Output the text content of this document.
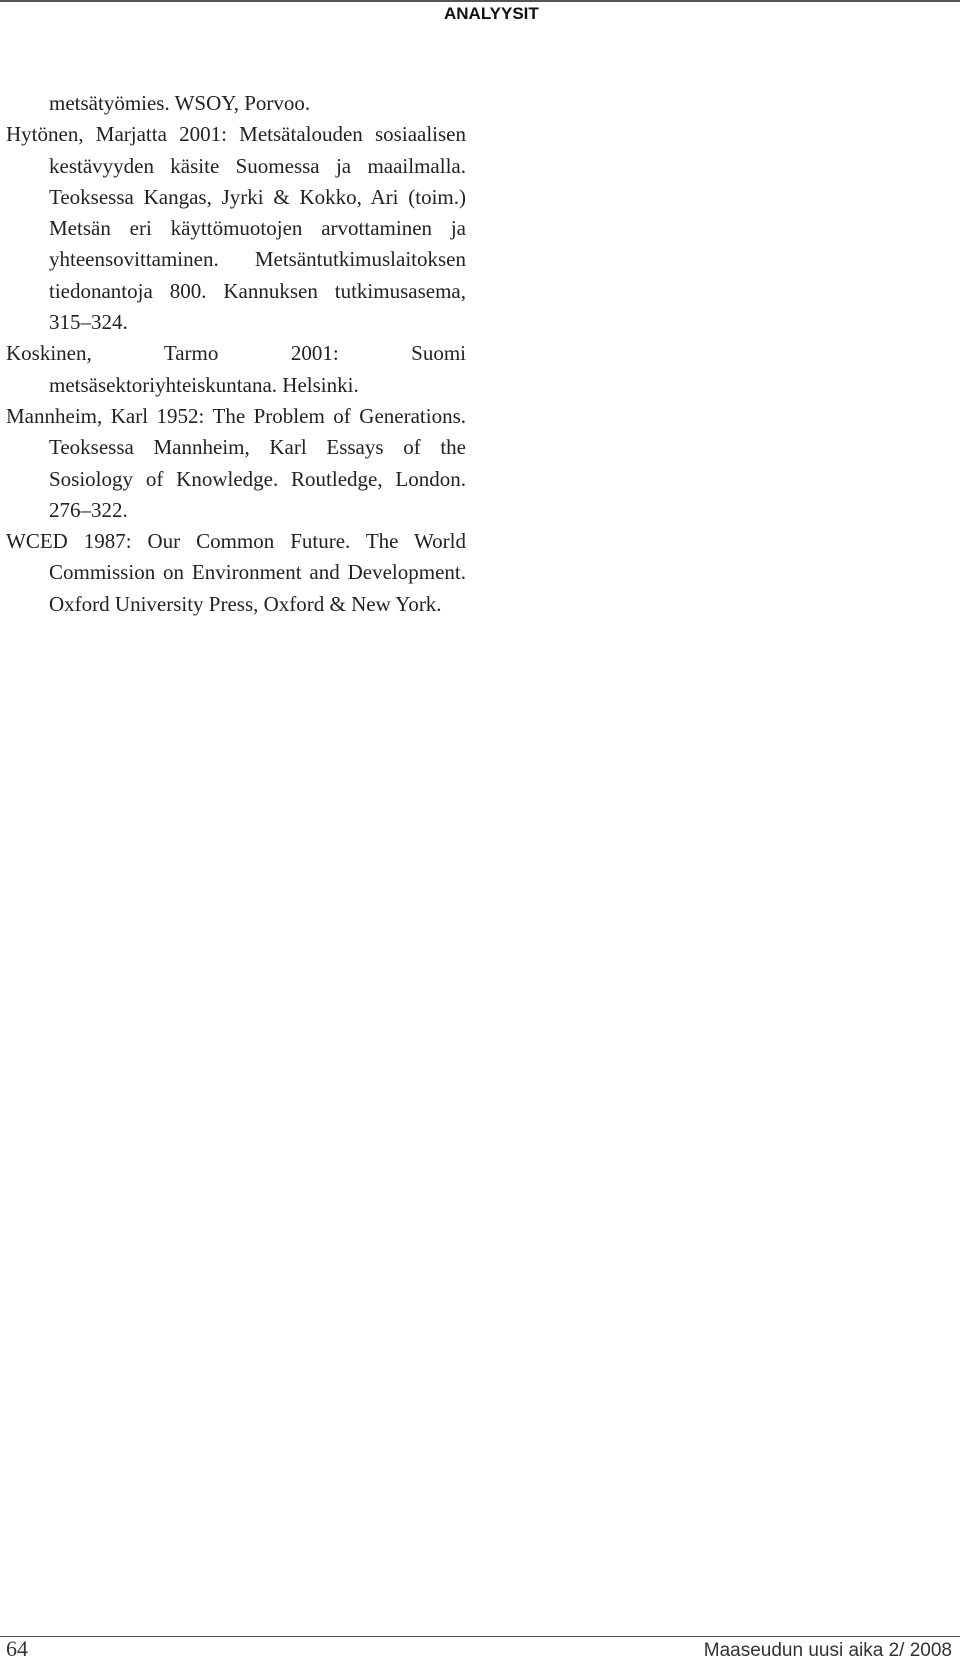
ANALYYSIT

metsätyömies. WSOY, Porvoo.

Hytönen, Marjatta 2001: Metsätalouden sosiaalisen kestävyyden käsite Suomessa ja maailmalla. Teoksessa Kangas, Jyrki & Kokko, Ari (toim.) Metsän eri käyttömuotojen arvottaminen ja yhteensovittaminen. Metsäntutkimuslaitoksen tiedonantoja 800. Kannuksen tutkimusasema, 315–324.

Koskinen, Tarmo 2001: Suomi metsäsektoriyhteiskuntana. Helsinki.

Mannheim, Karl 1952: The Problem of Generations. Teoksessa Mannheim, Karl Essays of the Sosiology of Knowledge. Routledge, London. 276–322.

WCED 1987: Our Common Future. The World Commission on Environment and Development. Oxford University Press, Oxford & New York.

64	Maaseudun uusi aika 2/ 2008
